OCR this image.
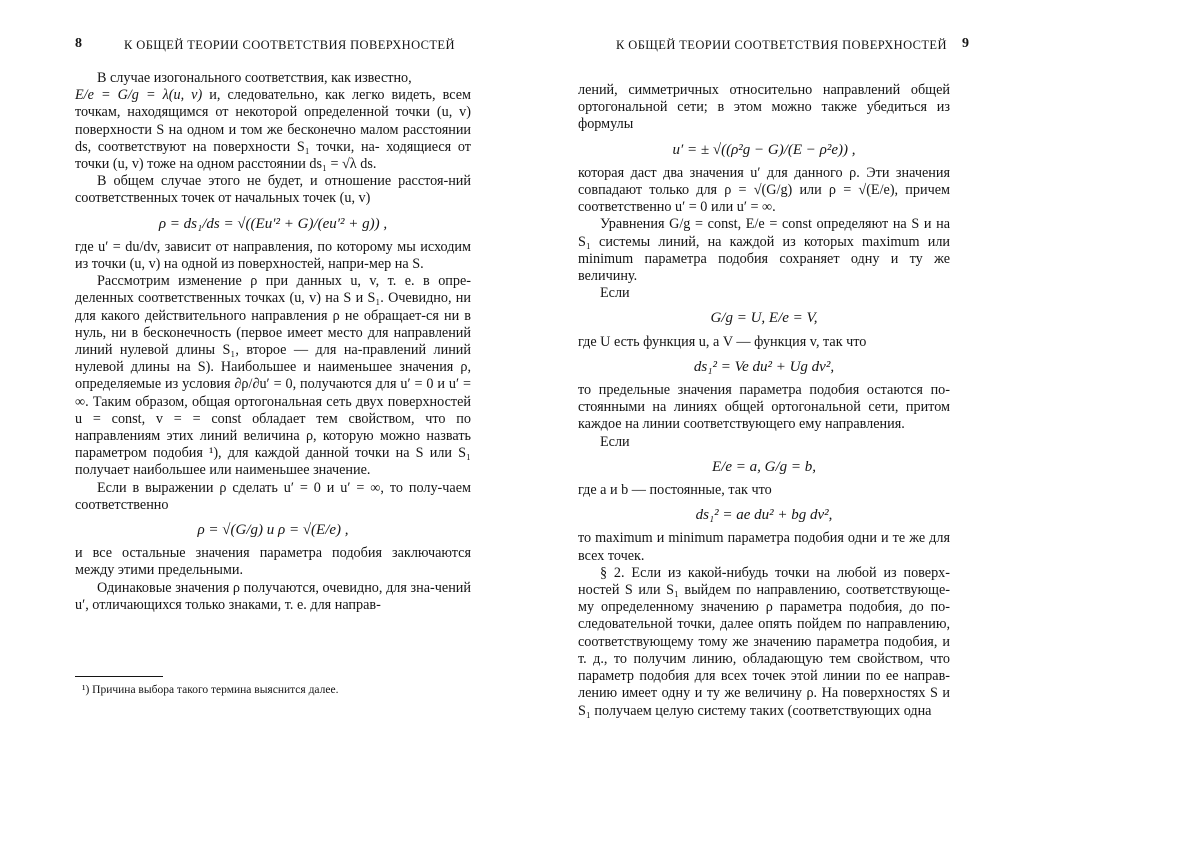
8	К ОБЩЕЙ ТЕОРИИ СООТВЕТСТВИЯ ПОВЕРХНОСТЕЙ

В случае изогонального соответствия, как известно,
E/e = G/g = λ(u, v) и, следовательно, как легко видеть, всем точкам, находящимся от некоторой определенной точки (u, v) поверхности S на одном и том же бесконечно малом расстоянии ds, соответствуют на поверхности S₁ точки, на- ходящиеся от точки (u, v) тоже на одном расстоянии ds₁ = √λ ds.

В общем случае этого не будет, и отношение расстоя-ний соответственных точек от начальных точек (u, v)

ρ = ds₁/ds = √((Eu′² + G)/(eu′² + g)) ,

где u′ = du/dv, зависит от направления, по которому мы исходим из точки (u, v) на одной из поверхностей, напри-мер на S.

Рассмотрим изменение ρ при данных u, v, т. е. в опре-деленных соответственных точках (u, v) на S и S₁. Очевидно, ни для какого действительного направления ρ не обращает-ся ни в нуль, ни в бесконечность (первое имеет место для направлений линий нулевой длины S₁, второе — для на-правлений линий нулевой длины на S). Наибольшее и наименьшее значения ρ, определяемые из условия ∂ρ/∂u′ = 0, получаются для u′ = 0 и u′ = ∞. Таким образом, общая ортогональная сеть двух поверхностей u = const, v = = const обладает тем свойством, что по направлениям этих линий величина ρ, которую можно назвать параметром подобия ¹), для каждой данной точки на S или S₁ получает наибольшее или наименьшее значение.

Если в выражении ρ сделать u′ = 0 и u′ = ∞, то полу-чаем соответственно

ρ = √(G/g) и ρ = √(E/e) ,

и все остальные значения параметра подобия заключаются между этими предельными.

Одинаковые значения ρ получаются, очевидно, для зна-чений u′, отличающихся только знаками, т. е. для направ-

¹) Причина выбора такого термина выяснится далее.
К ОБЩЕЙ ТЕОРИИ СООТВЕТСТВИЯ ПОВЕРХНОСТЕЙ 9

лений, симметричных относительно направлений общей ортогональной сети; в этом можно также убедиться из формулы

u′ = ± √((ρ²g − G)/(E − ρ²e)) ,

которая даст два значения u′ для данного ρ. Эти значения совпадают только для ρ = √(G/g) или ρ = √(E/e), причем соответственно u′ = 0 или u′ = ∞.

Уравнения G/g = const, E/e = const определяют на S и на S₁ системы линий, на каждой из которых maximum или minimum параметра подобия сохраняет одну и ту же величину.

Если

G/g = U, E/e = V,

где U есть функция u, а V — функция v, так что

ds₁² = Ve du² + Ug dv²,

то предельные значения параметра подобия остаются по-стоянными на линиях общей ортогональной сети, притом каждое на линии соответствующего ему направления.

Если

E/e = a, G/g = b,

где a и b — постоянные, так что

ds₁² = ae du² + bg dv²,

то maximum и minimum параметра подобия одни и те же для всех точек.

§ 2. Если из какой-нибудь точки на любой из поверх-ностей S или S₁ выйдем по направлению, соответствующе-му определенному значению ρ параметра подобия, до по-следовательной точки, далее опять пойдем по направлению, соответствующему тому же значению параметра подобия, и т. д., то получим линию, обладающую тем свойством, что параметр подобия для всех точек этой линии по ее направ-лению имеет одну и ту же величину ρ. На поверхностях S и S₁ получаем целую систему таких (соответствующих одна
